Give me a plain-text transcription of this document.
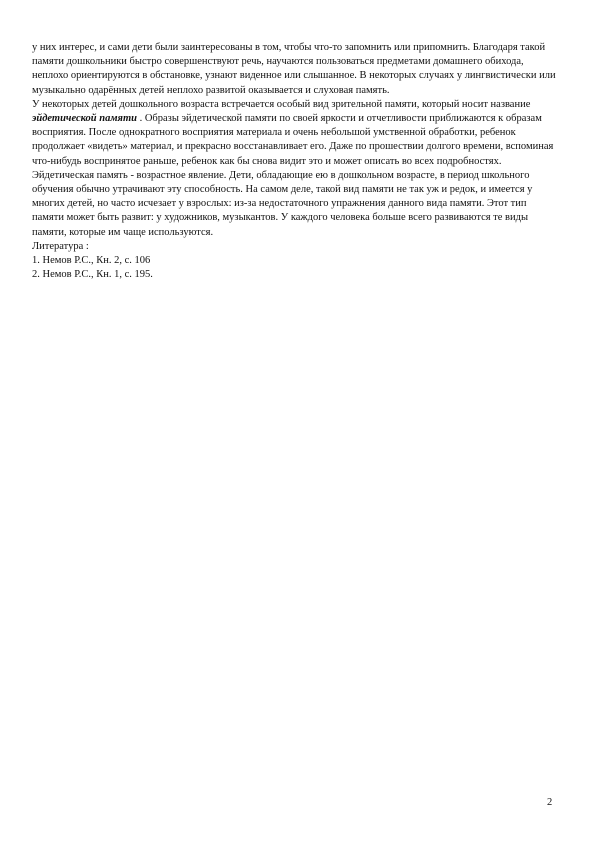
у них интерес, и сами дети были заинтересованы в том, чтобы что-то запомнить или припомнить. Благодаря такой памяти дошкольники быстро совершенствуют речь, научаются пользоваться предметами домашнего обихода, неплохо ориентируются в обстановке, узнают виденное или слышанное. В некоторых случаях у лингвистически или музыкально одарённых детей неплохо развитой оказывается и слуховая память.

У некоторых детей дошкольного возраста встречается особый вид зрительной памяти, который носит название эйдетической памяти . Образы эйдетической памяти по своей яркости и отчетливости приближаются к образам восприятия. После однократного восприятия материала и очень небольшой умственной обработки, ребенок продолжает «видеть» материал, и прекрасно восстанавливает его. Даже по прошествии долгого времени, вспоминая что-нибудь воспринятое раньше, ребенок как бы снова видит это и может описать во всех подробностях. Эйдетическая память - возрастное явление. Дети, обладающие ею в дошкольном возрасте, в период школьного обучения обычно утрачивают эту способность. На самом деле, такой вид памяти не так уж и редок, и имеется у многих детей, но часто исчезает у взрослых: из-за недостаточного упражнения данного вида памяти. Этот тип памяти может быть развит: у художников, музыкантов. У каждого человека больше всего развиваются те виды памяти, которые им чаще используются.

Литература :

1. Немов Р.С., Кн. 2, с. 106
2. Немов Р.С., Кн. 1, с. 195.
2
